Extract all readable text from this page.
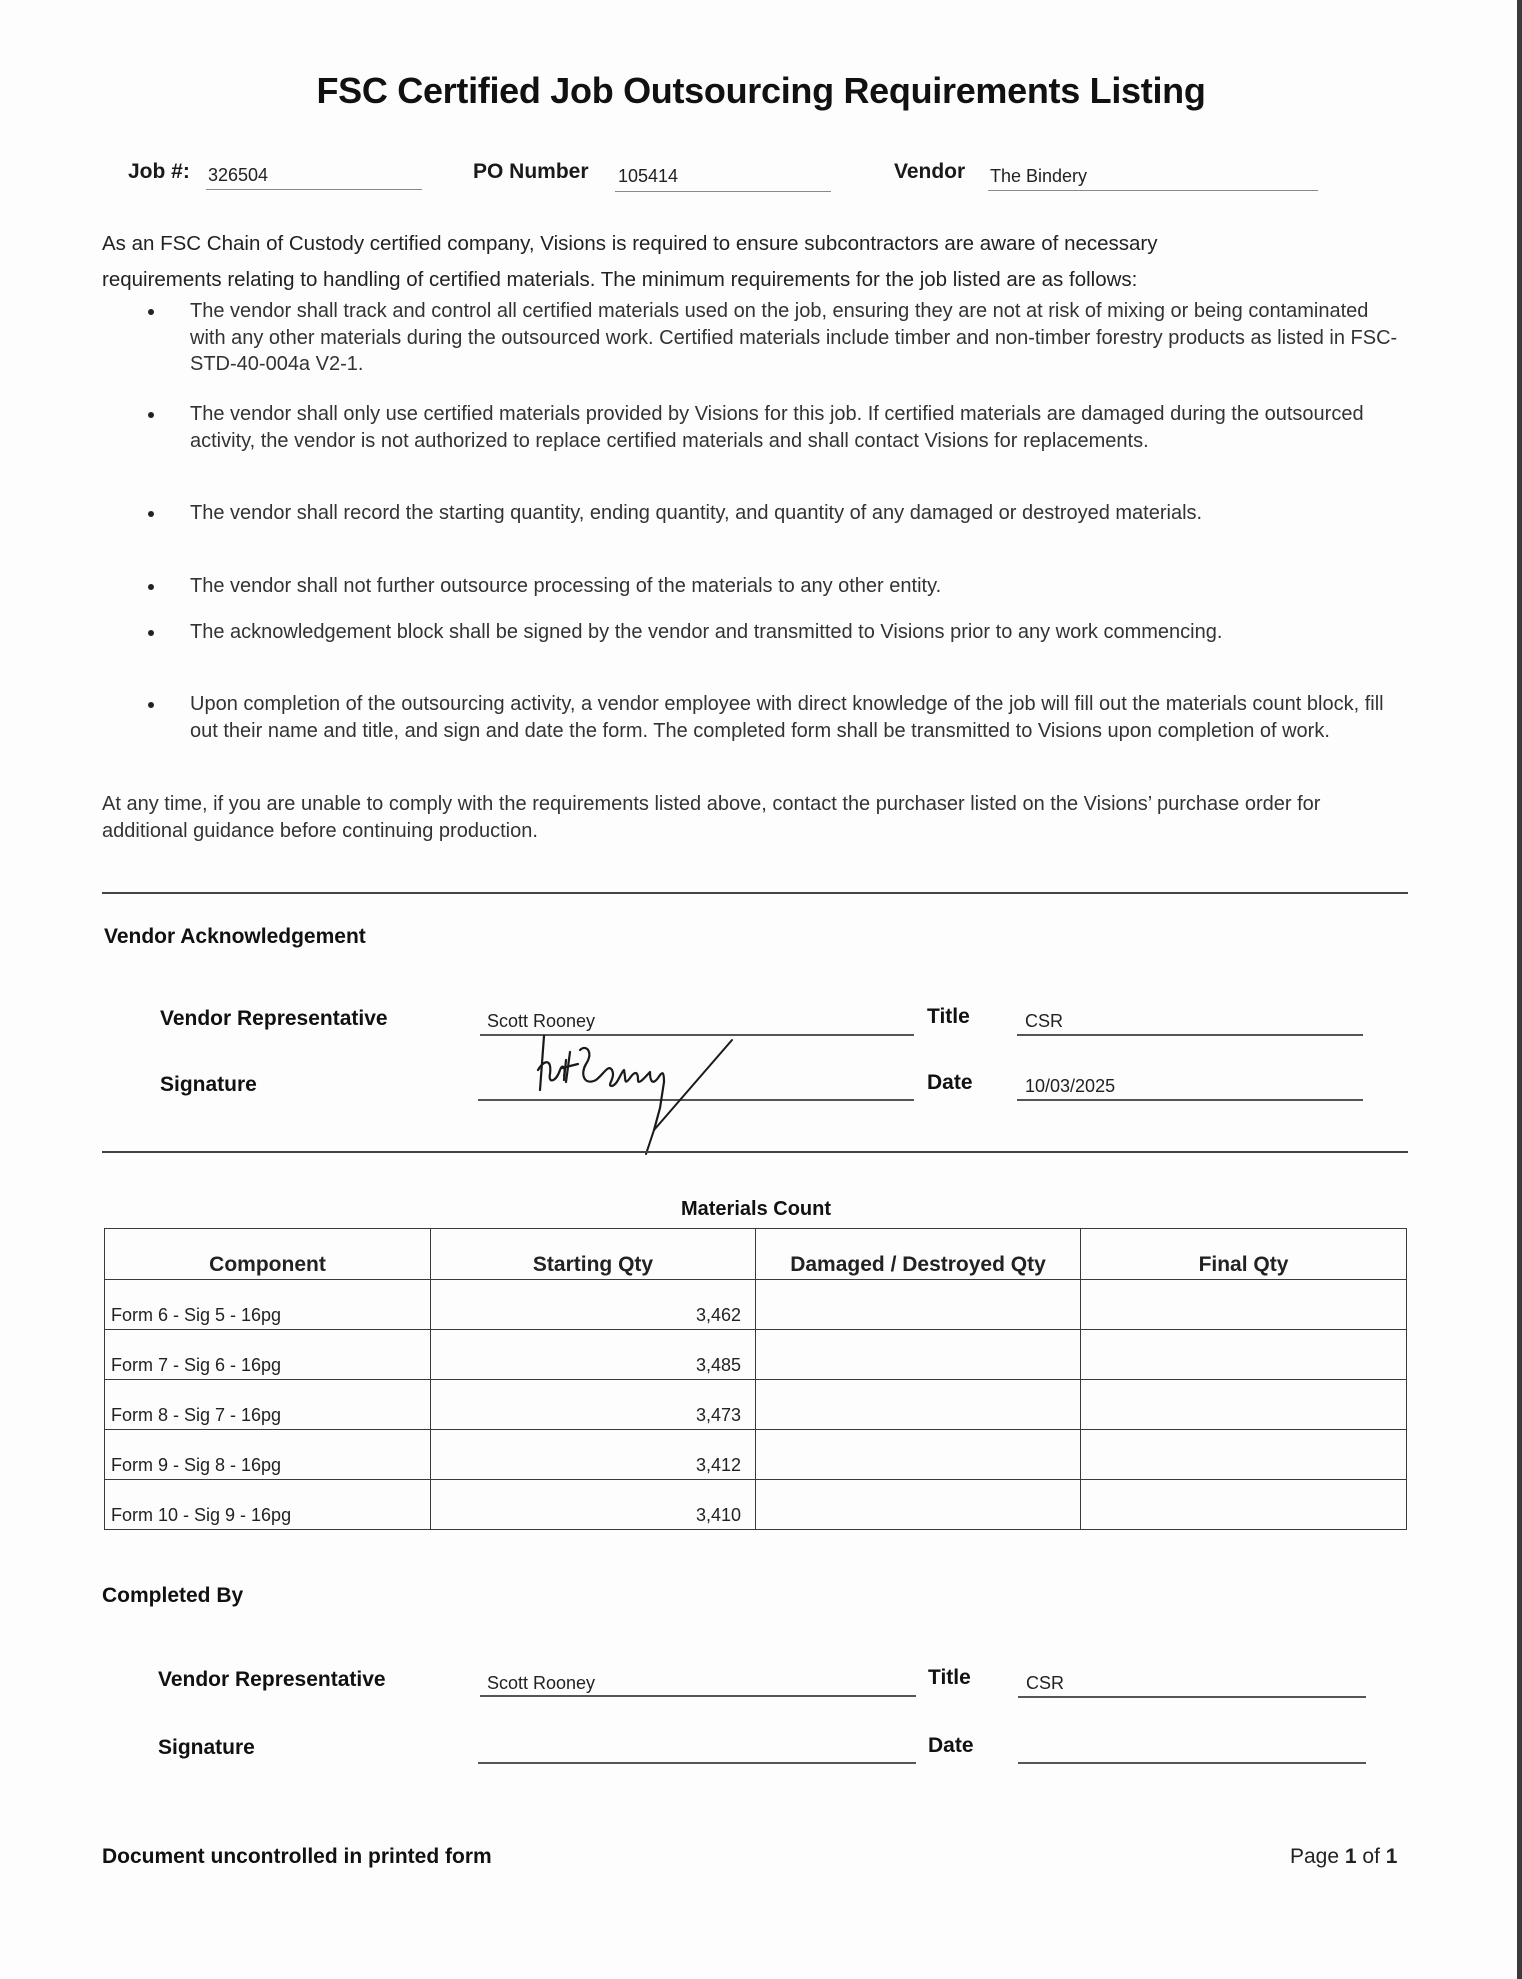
FSC Certified Job Outsourcing Requirements Listing
Job #: 326504	PO Number 105414	Vendor The Bindery
As an FSC Chain of Custody certified company, Visions is required to ensure subcontractors are aware of necessary
requirements relating to handling of certified materials. The minimum requirements for the job listed are as follows:
The vendor shall track and control all certified materials used on the job, ensuring they are not at risk of mixing or being contaminated with any other materials during the outsourced work. Certified materials include timber and non-timber forestry products as listed in FSC-STD-40-004a V2-1.
The vendor shall only use certified materials provided by Visions for this job. If certified materials are damaged during the outsourced activity, the vendor is not authorized to replace certified materials and shall contact Visions for replacements.
The vendor shall record the starting quantity, ending quantity, and quantity of any damaged or destroyed materials.
The vendor shall not further outsource processing of the materials to any other entity.
The acknowledgement block shall be signed by the vendor and transmitted to Visions prior to any work commencing.
Upon completion of the outsourcing activity, a vendor employee with direct knowledge of the job will fill out the materials count block, fill out their name and title, and sign and date the form. The completed form shall be transmitted to Visions upon completion of work.
At any time, if you are unable to comply with the requirements listed above, contact the purchaser listed on the Visions’ purchase order for additional guidance before continuing production.
Vendor Acknowledgement
Vendor Representative	Scott Rooney	Title	CSR
Signature	Date	10/03/2025
Materials Count
Component	Starting Qty	Damaged / Destroyed Qty	Final Qty
Form 6 - Sig 5 - 16pg	3,462		
Form 7 - Sig 6 - 16pg	3,485		
Form 8 - Sig 7 - 16pg	3,473		
Form 9 - Sig 8 - 16pg	3,412		
Form 10 - Sig 9 - 16pg	3,410		
Completed By
Vendor Representative	Scott Rooney	Title	CSR
Signature	Date
Document uncontrolled in printed form	Page 1 of 1
